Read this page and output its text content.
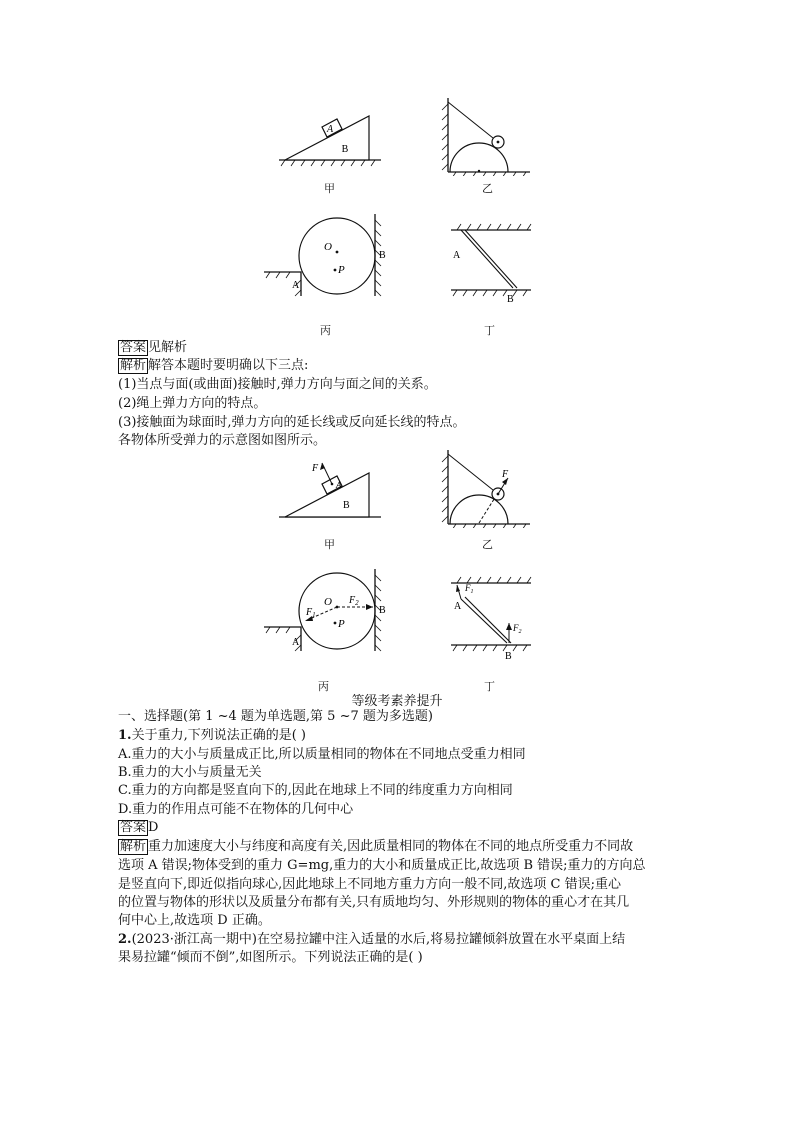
A
B
甲	乙
O
P
A
B
丙
A
B
丁
答案 见解析
解析 解答本题时要明确以下三点:
(1)当点与面(或曲面)接触时,弹力方向与面之间的关系。
(2)绳上弹力方向的特点。
(3)接触面为球面时,弹力方向的延长线或反向延长线的特点。
各物体所受弹力的示意图如图所示。
F
A
B
甲
F
乙
O
P
$F_1$
$F_2$
A
B
丙
$F_1$
$F_2$
A
B
丁
等级考素养提升
一、选择题(第 1 ~4 题为单选题,第 5 ~7 题为多选题)
1.关于重力,下列说法正确的是( )
A.重力的大小与质量成正比,所以质量相同的物体在不同地点受重力相同
B.重力的大小与质量无关
C.重力的方向都是竖直向下的,因此在地球上不同的纬度重力方向相同
D.重力的作用点可能不在物体的几何中心
答案 D
解析 重力加速度大小与纬度和高度有关,因此质量相同的物体在不同的地点所受重力不同故
选项 A 错误;物体受到的重力 G=mg,重力的大小和质量成正比,故选项 B 错误;重力的方向总
是竖直向下,即近似指向球心,因此地球上不同地方重力方向一般不同,故选项 C 错误;重心
的位置与物体的形状以及质量分布都有关,只有质地均匀、外形规则的物体的重心才在其几
何中心上,故选项 D 正确。
2.(2023·浙江高一期中)在空易拉罐中注入适量的水后,将易拉罐倾斜放置在水平桌面上结
果易拉罐“倾而不倒”,如图所示。下列说法正确的是( )
